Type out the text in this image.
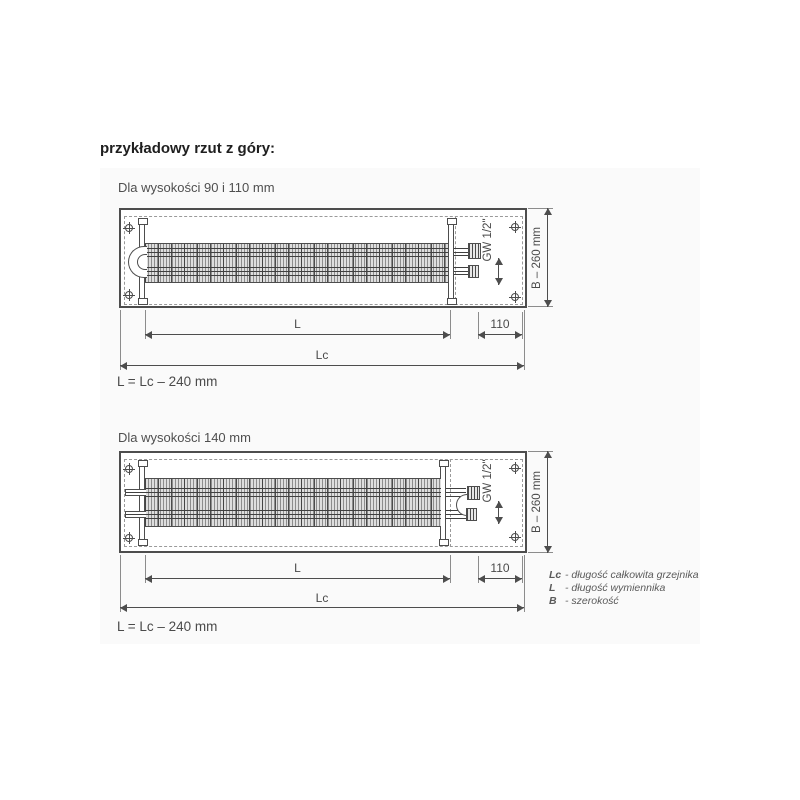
przykładowy rzut z góry:
Dla wysokości 90 i 110 mm
GW 1/2"	B – 260 mm
L	110
Lc
L = Lc – 240 mm
Dla wysokości 140 mm
GW 1/2"	B – 260 mm
L	110
Lc
L = Lc – 240 mm
Lc - długość całkowita grzejnika
L - długość wymiennika
B - szerokość
